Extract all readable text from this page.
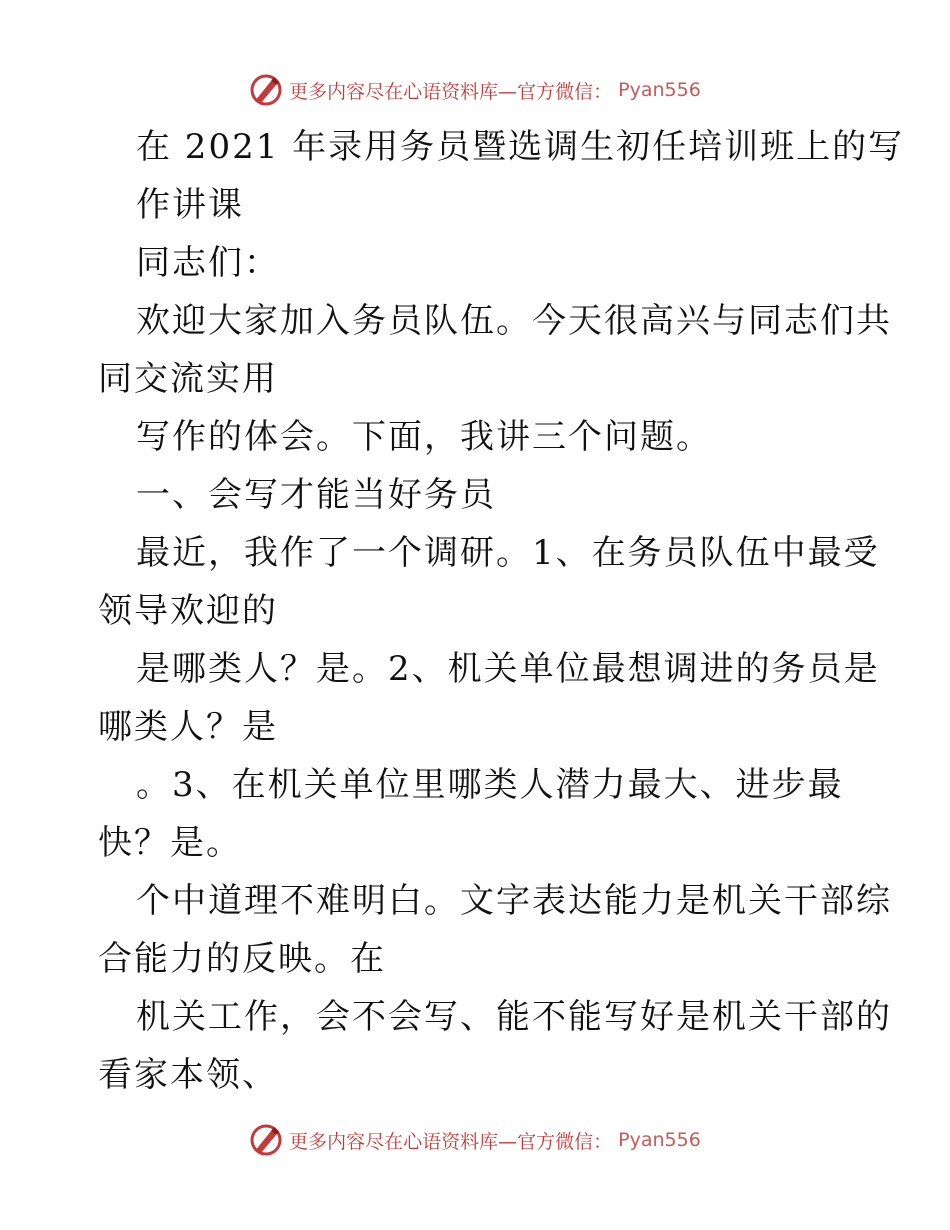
更多内容尽在心语资料库—官方微信： Pyan556

在 2021 年录用务员暨选调生初任培训班上的写

作讲课

同志们：

欢迎大家加入务员队伍。今天很高兴与同志们共

同交流实用

写作的体会。下面，我讲三个问题。

一、会写才能当好务员

最近，我作了一个调研。1、在务员队伍中最受

领导欢迎的

是哪类人？是。2、机关单位最想调进的务员是

哪类人？是

。3、在机关单位里哪类人潜力最大、进步最

快？是。

个中道理不难明白。文字表达能力是机关干部综

合能力的反映。在

机关工作，会不会写、能不能写好是机关干部的

看家本领、

更多内容尽在心语资料库—官方微信： Pyan556
